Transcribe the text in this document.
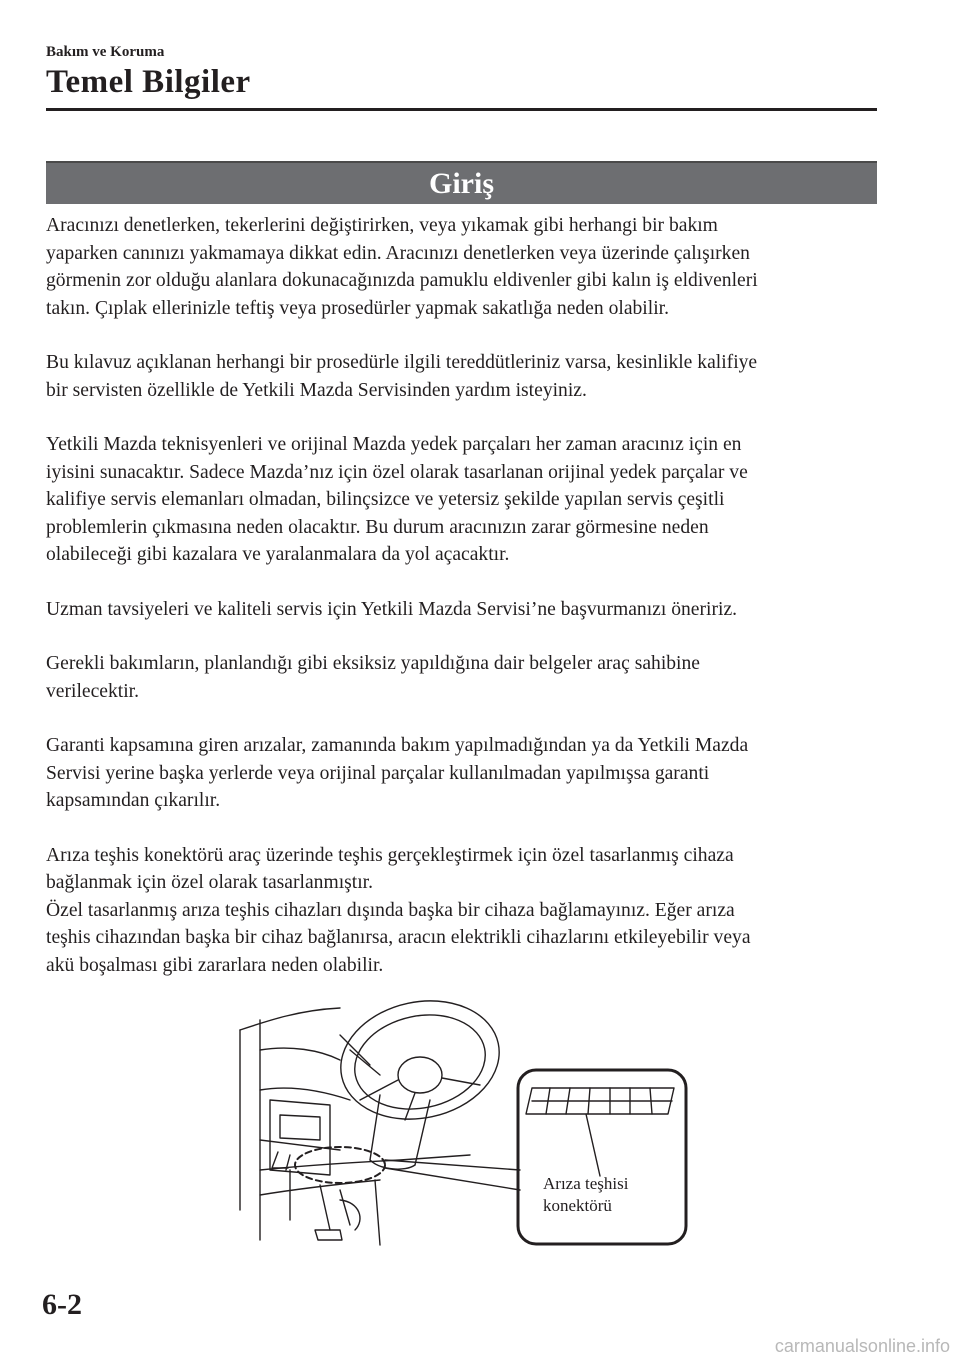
Bakım ve Koruma
Temel Bilgiler
Giriş
Aracınızı denetlerken, tekerlerini değiştirirken, veya yıkamak gibi herhangi bir bakım
yaparken canınızı yakmamaya dikkat edin. Aracınızı denetlerken veya üzerinde çalışırken
görmenin zor olduğu alanlara dokunacağınızda pamuklu eldivenler gibi kalın iş eldivenleri
takın. Çıplak ellerinizle teftiş veya prosedürler yapmak sakatlığa neden olabilir.
Bu kılavuz açıklanan herhangi bir prosedürle ilgili tereddütleriniz varsa, kesinlikle kalifiye
bir servisten özellikle de Yetkili Mazda Servisinden yardım isteyiniz.
Yetkili Mazda teknisyenleri ve orijinal Mazda yedek parçaları her zaman aracınız için en
iyisini sunacaktır. Sadece Mazda’nız için özel olarak tasarlanan orijinal yedek parçalar ve
kalifiye servis elemanları olmadan, bilinçsizce ve yetersiz şekilde yapılan servis çeşitli
problemlerin çıkmasına neden olacaktır. Bu durum aracınızın zarar görmesine neden
olabileceği gibi kazalara ve yaralanmalara da yol açacaktır.
Uzman tavsiyeleri ve kaliteli servis için Yetkili Mazda Servisi’ne başvurmanızı öneririz.
Gerekli bakımların, planlandığı gibi eksiksiz yapıldığına dair belgeler araç sahibine
verilecektir.
Garanti kapsamına giren arızalar, zamanında bakım yapılmadığından ya da Yetkili Mazda
Servisi yerine başka yerlerde veya orijinal parçalar kullanılmadan yapılmışsa garanti
kapsamından çıkarılır.
Arıza teşhis konektörü araç üzerinde teşhis gerçekleştirmek için özel tasarlanmış cihaza
bağlanmak için özel olarak tasarlanmıştır.
Özel tasarlanmış arıza teşhis cihazları dışında başka bir cihaza bağlamayınız. Eğer arıza
teşhis cihazından başka bir cihaz bağlanırsa, aracın elektrikli cihazlarını etkileyebilir veya
akü boşalması gibi zararlara neden olabilir.
Arıza teşhisi
konektörü
6-2
carmanualsonline.info
